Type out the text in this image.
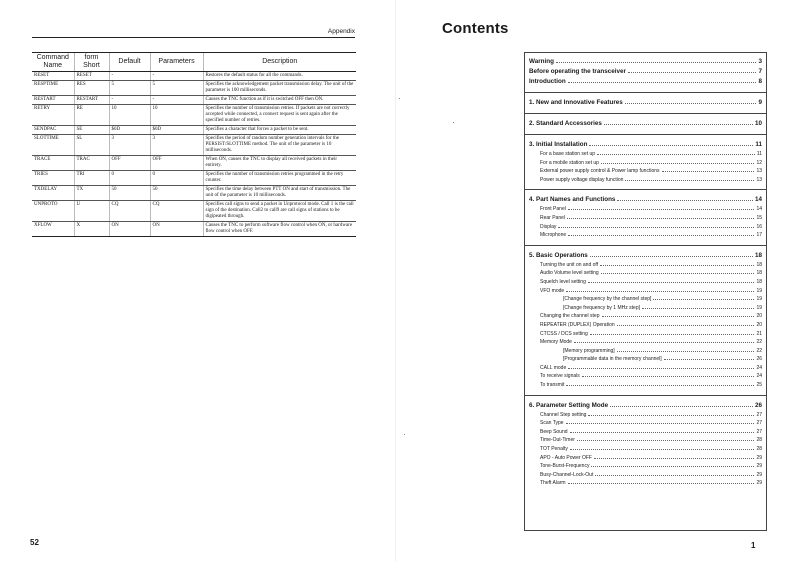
Appendix
Command Name	form Short	Default	Parameters	Description
RESET	RESET	-	-	Restores the default status for all the commands.
RESPTIME	RES	5	5	Specifies the acknowledgement packet transmission delay. The unit of the parameter is 100 milliseconds.
RESTART	RESTART	-	-	Causes the TNC function as if it is switched OFF then ON.
RETRY	RE	10	10	Specifies the number of transmission retries. If packets are not correctly accepted while connected, a connect request is sent again after the specified number of retries.
SENDPAC	SE	$0D	$0D	Specifies a character that forces a packet to be sent.
SLOTTIME	SL	3	3	Specifies the period of random number generation intervals for the PERSIST/SLOTTIME method. The unit of the parameter is 10 milliseconds.
TRACE	TRAC	OFF	OFF	When ON, causes the TNC to display all received packets in their entirety.
TRIES	TRI	0	0	Specifies the number of transmission retries programmed in the retry counter.
TXDELAY	TX	50	50	Specifies the time delay between PTT ON and start of transmission. The unit of the parameter is 10 milliseconds.
UNPROTO	U	CQ	CQ	Specifies call signs to send a packet in Unprotocol mode. Call 1 is the call sign of the destination. Call2 to call9 are call signs of stations to be digipeated through.
XFLOW	X	ON	ON	Causes the TNC to perform software flow control when ON, or hardware flow control when OFF.
52
Contents
Warning	3
Before operating the transceiver	7
Introduction	8
1. New and Innovative Features	9
2. Standard Accessories	10
3. Initial Installation	11
For a base station set up	11
For a mobile station set up	12
External power supply control & Power lamp functions	13
Power supply voltage display function	13
4. Part Names and Functions	14
Front Panel	14
Rear Panel	15
Display	16
Microphone	17
5. Basic Operations	18
Turning the unit on and off	18
Audio Volume level setting	18
Squelch level setting	18
VFO mode	19
[Change frequency by the channel step]	19
[Change frequency by 1 MHz step]	19
Changing the channel step	20
REPEATER (DUPLEX) Operation	20
CTCSS / DCS setting	21
Memory Mode	22
[Memory programming]	22
[Programmable data in the memory channel]	26
CALL mode	24
To receive signals	24
To transmit	25
6. Parameter Setting Mode	26
Channel Step setting	27
Scan Type	27
Beep Sound	27
Time-Out-Timer	28
TOT Penalty	28
APO - Auto Power OFF	29
Tone-Burst-Frequency	29
Busy-Channel-Lock-Out	29
Theft Alarm	29
1
